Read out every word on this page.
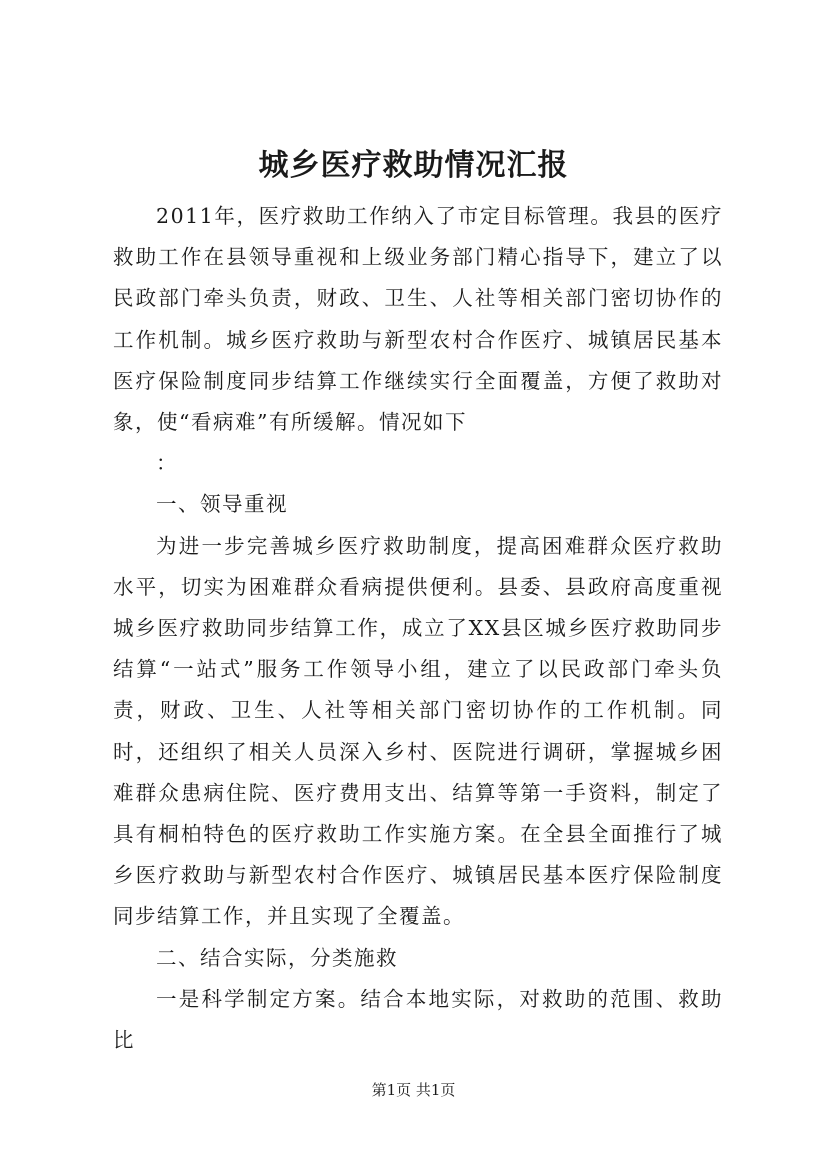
城乡医疗救助情况汇报

2011年，医疗救助工作纳入了市定目标管理。我县的医疗救助工作在县领导重视和上级业务部门精心指导下，建立了以民政部门牵头负责，财政、卫生、人社等相关部门密切协作的工作机制。城乡医疗救助与新型农村合作医疗、城镇居民基本医疗保险制度同步结算工作继续实行全面覆盖，方便了救助对象，使“看病难”有所缓解。情况如下

：

一、领导重视

为进一步完善城乡医疗救助制度，提高困难群众医疗救助水平，切实为困难群众看病提供便利。县委、县政府高度重视城乡医疗救助同步结算工作，成立了XX县区城乡医疗救助同步结算“一站式”服务工作领导小组，建立了以民政部门牵头负责，财政、卫生、人社等相关部门密切协作的工作机制。同时，还组织了相关人员深入乡村、医院进行调研，掌握城乡困难群众患病住院、医疗费用支出、结算等第一手资料，制定了具有桐柏特色的医疗救助工作实施方案。在全县全面推行了城乡医疗救助与新型农村合作医疗、城镇居民基本医疗保险制度同步结算工作，并且实现了全覆盖。

二、结合实际，分类施救

一是科学制定方案。结合本地实际，对救助的范围、救助比

第1页 共1页
